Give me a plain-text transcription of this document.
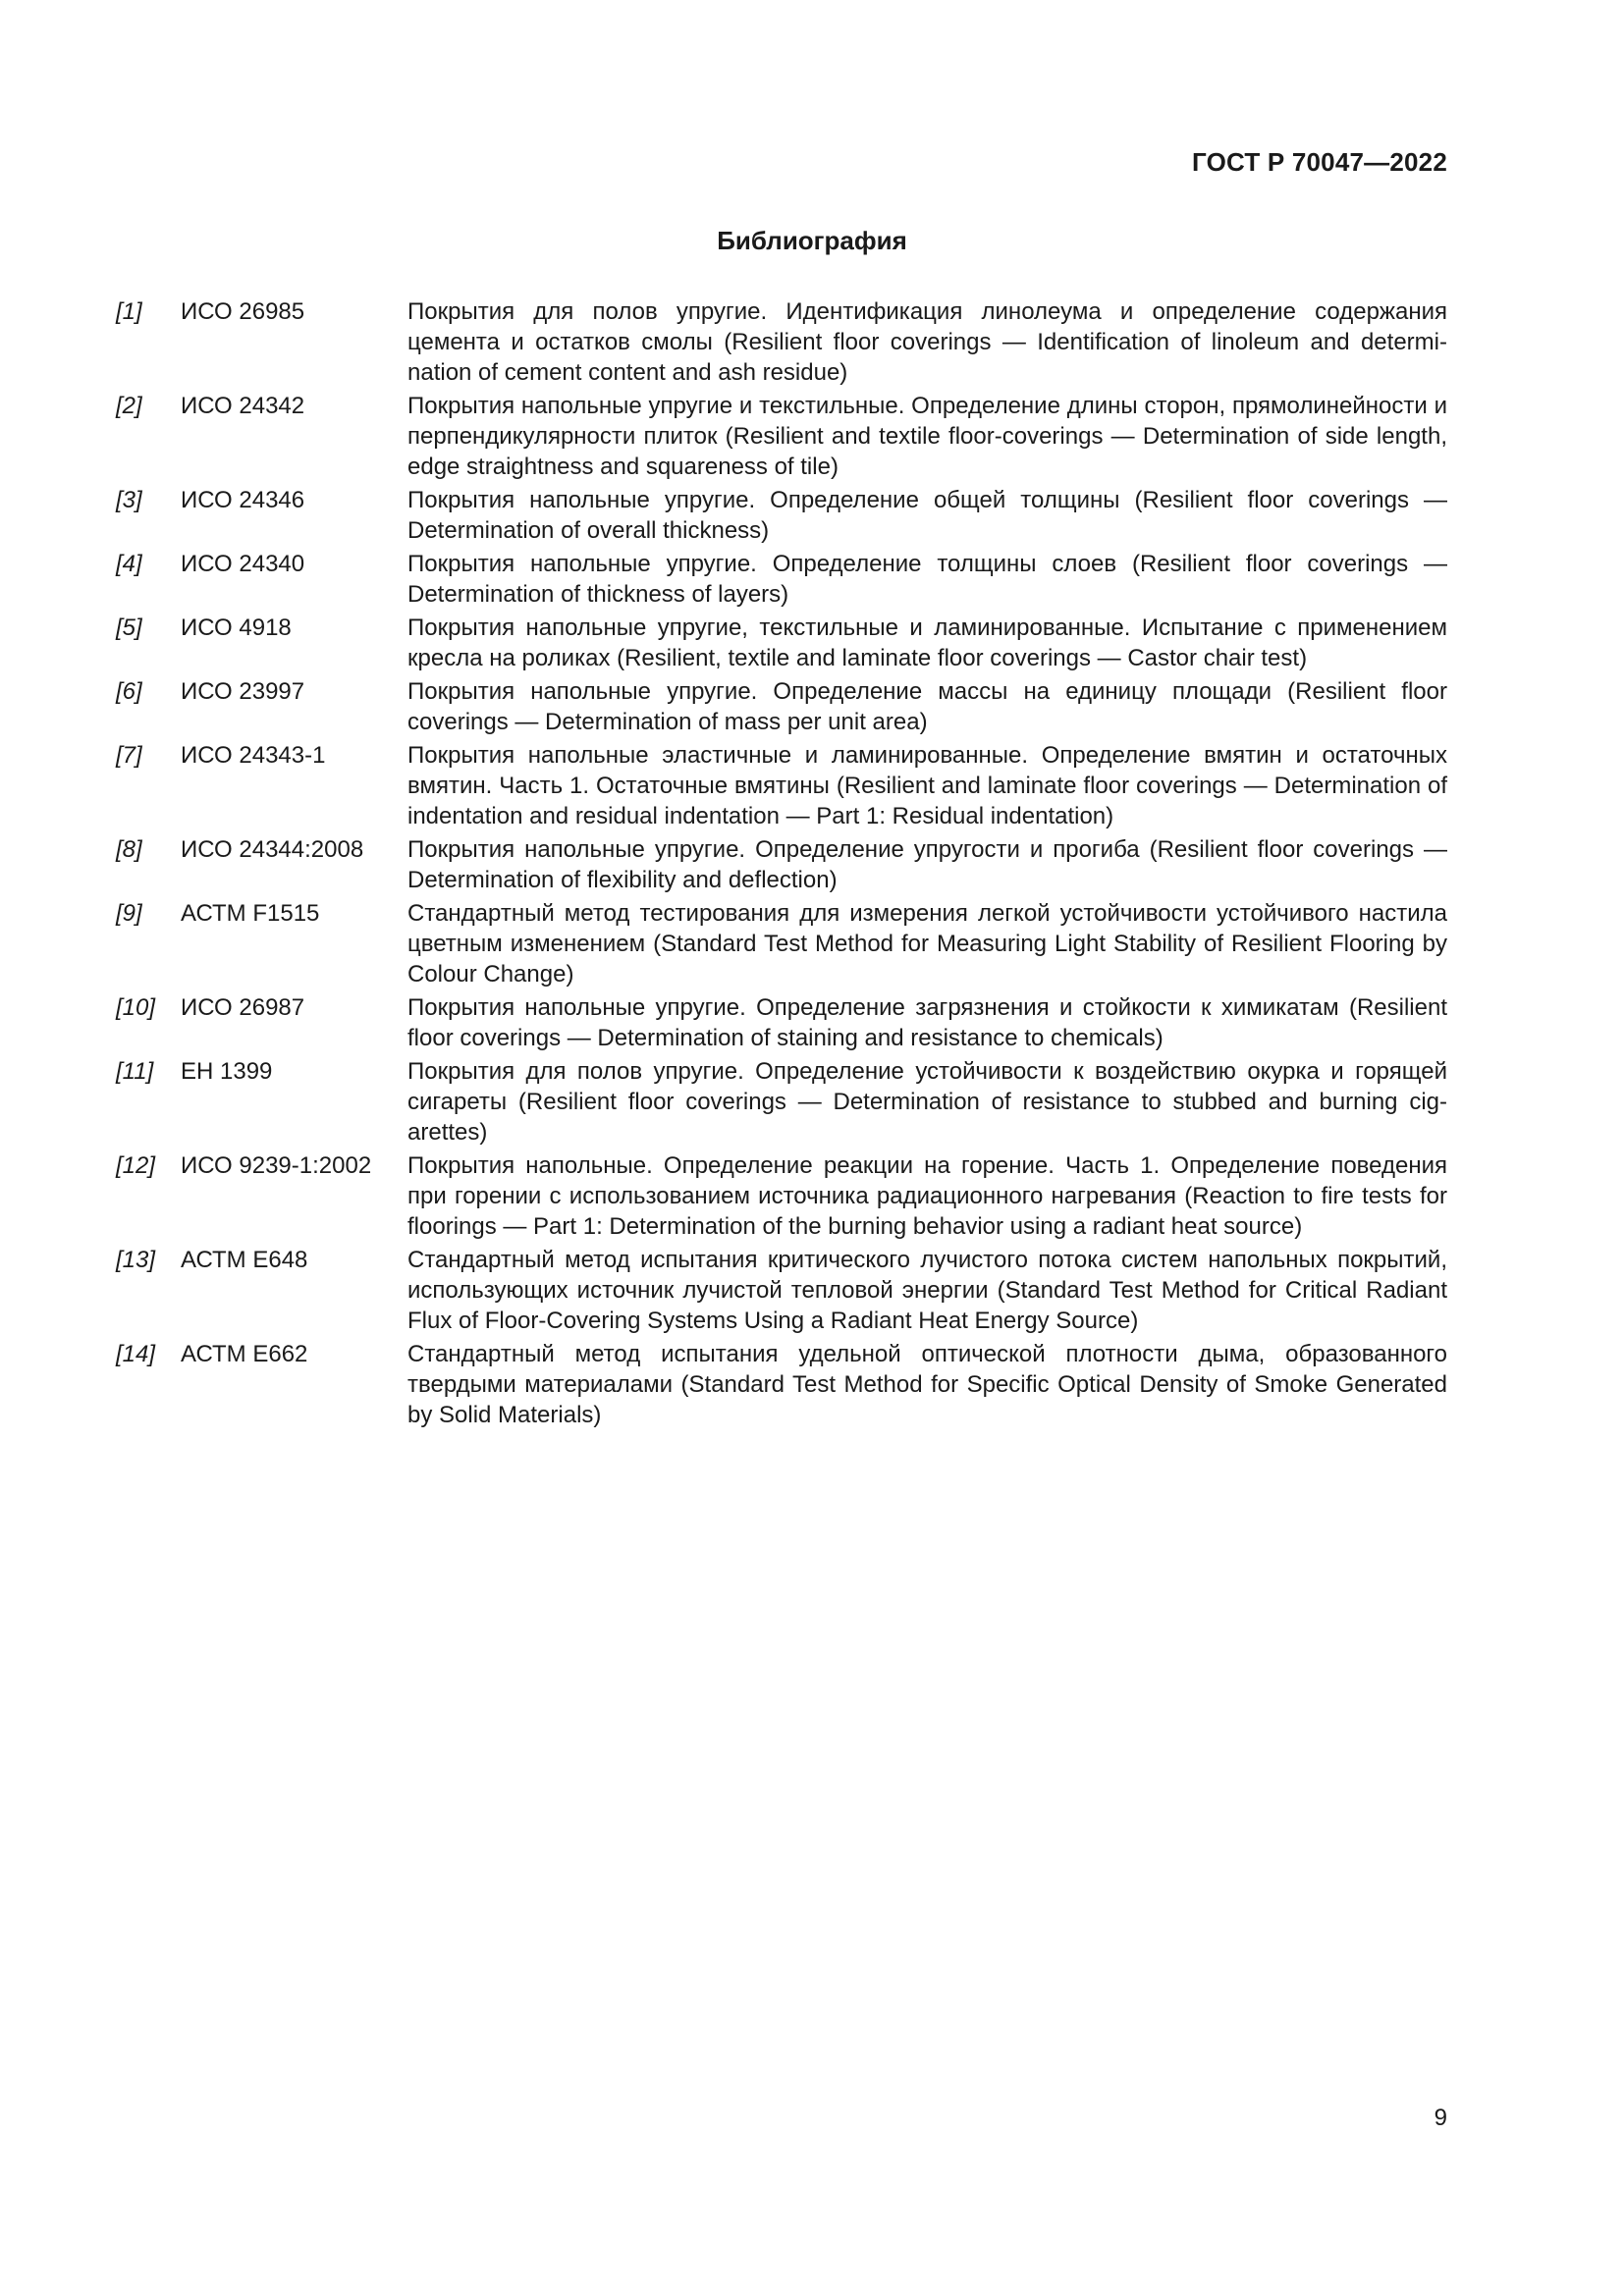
ГОСТ Р 70047—2022
Библиография
[1]	ИСО 26985	Покрытия для полов упругие. Идентификация линолеума и определение содержания цемента и остатков смолы (Resilient floor coverings — Identification of linoleum and determination of cement content and ash residue)
[2]	ИСО 24342	Покрытия напольные упругие и текстильные. Определение длины сторон, прямолинейности и перпендикулярности плиток (Resilient and textile floor-coverings — Determination of side length, edge straightness and squareness of tile)
[3]	ИСО 24346	Покрытия напольные упругие. Определение общей толщины (Resilient floor coverings — Determination of overall thickness)
[4]	ИСО 24340	Покрытия напольные упругие. Определение толщины слоев (Resilient floor coverings — Determination of thickness of layers)
[5]	ИСО 4918	Покрытия напольные упругие, текстильные и ламинированные. Испытание с применением кресла на роликах (Resilient, textile and laminate floor coverings — Castor chair test)
[6]	ИСО 23997	Покрытия напольные упругие. Определение массы на единицу площади (Resilient floor coverings — Determination of mass per unit area)
[7]	ИСО 24343-1	Покрытия напольные эластичные и ламинированные. Определение вмятин и остаточных вмятин. Часть 1. Остаточные вмятины (Resilient and laminate floor coverings — Determination of indentation and residual indentation — Part 1: Residual indentation)
[8]	ИСО 24344:2008	Покрытия напольные упругие. Определение упругости и прогиба (Resilient floor coverings — Determination of flexibility and deflection)
[9]	АСТМ F1515	Стандартный метод тестирования для измерения легкой устойчивости устойчивого настила цветным изменением (Standard Test Method for Measuring Light Stability of Resilient Flooring by Colour Change)
[10]	ИСО 26987	Покрытия напольные упругие. Определение загрязнения и стойкости к химикатам (Resilient floor coverings — Determination of staining and resistance to chemicals)
[11]	ЕН 1399	Покрытия для полов упругие. Определение устойчивости к воздействию окурка и горящей сигареты (Resilient floor coverings — Determination of resistance to stubbed and burning cigarettes)
[12]	ИСО 9239-1:2002	Покрытия напольные. Определение реакции на горение. Часть 1. Определение поведения при горении с использованием источника радиационного нагревания (Reaction to fire tests for floorings — Part 1: Determination of the burning behavior using a radiant heat source)
[13]	АСТМ Е648	Стандартный метод испытания критического лучистого потока систем напольных покрытий, использующих источник лучистой тепловой энергии (Standard Test Method for Critical Radiant Flux of Floor-Covering Systems Using a Radiant Heat Energy Source)
[14]	АСТМ Е662	Стандартный метод испытания удельной оптической плотности дыма, образованного твердыми материалами (Standard Test Method for Specific Optical Density of Smoke Generated by Solid Materials)
9
